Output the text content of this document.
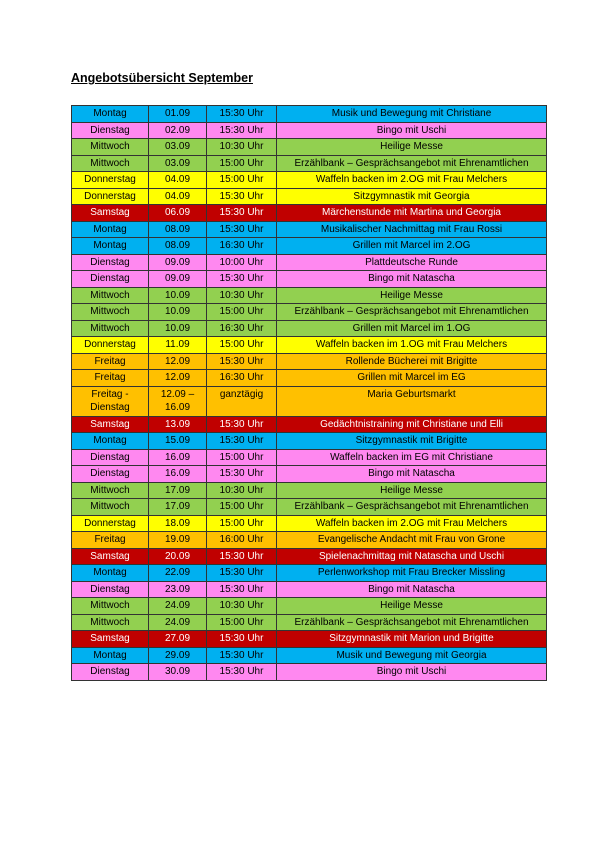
Angebotsübersicht September
Montag	01.09	15:30 Uhr	Musik und Bewegung mit Christiane
Dienstag	02.09	15:30 Uhr	Bingo mit Uschi
Mittwoch	03.09	10:30 Uhr	Heilige Messe
Mittwoch	03.09	15:00 Uhr	Erzählbank – Gesprächsangebot mit Ehrenamtlichen
Donnerstag	04.09	15:00 Uhr	Waffeln backen im 2.OG mit Frau Melchers
Donnerstag	04.09	15:30 Uhr	Sitzgymnastik mit Georgia
Samstag	06.09	15:30 Uhr	Märchenstunde mit Martina und Georgia
Montag	08.09	15:30 Uhr	Musikalischer Nachmittag mit Frau Rossi
Montag	08.09	16:30 Uhr	Grillen mit Marcel im 2.OG
Dienstag	09.09	10:00 Uhr	Plattdeutsche Runde
Dienstag	09.09	15:30 Uhr	Bingo mit Natascha
Mittwoch	10.09	10:30 Uhr	Heilige Messe
Mittwoch	10.09	15:00 Uhr	Erzählbank – Gesprächsangebot mit Ehrenamtlichen
Mittwoch	10.09	16:30 Uhr	Grillen mit Marcel im 1.OG
Donnerstag	11.09	15:00 Uhr	Waffeln backen im 1.OG mit Frau Melchers
Freitag	12.09	15:30 Uhr	Rollende Bücherei mit Brigitte
Freitag	12.09	16:30 Uhr	Grillen mit Marcel im EG
Freitag - Dienstag	12.09 – 16.09	ganztägig	Maria Geburtsmarkt
Samstag	13.09	15:30 Uhr	Gedächtnistraining mit Christiane und Elli
Montag	15.09	15:30 Uhr	Sitzgymnastik mit Brigitte
Dienstag	16.09	15:00 Uhr	Waffeln backen im EG mit Christiane
Dienstag	16.09	15:30 Uhr	Bingo mit Natascha
Mittwoch	17.09	10:30 Uhr	Heilige Messe
Mittwoch	17.09	15:00 Uhr	Erzählbank – Gesprächsangebot mit Ehrenamtlichen
Donnerstag	18.09	15:00 Uhr	Waffeln backen im 2.OG mit Frau Melchers
Freitag	19.09	16:00 Uhr	Evangelische Andacht mit Frau von Grone
Samstag	20.09	15:30 Uhr	Spielenachmittag mit Natascha und Uschi
Montag	22.09	15:30 Uhr	Perlenworkshop mit Frau Brecker Missling
Dienstag	23.09	15:30 Uhr	Bingo mit Natascha
Mittwoch	24.09	10:30 Uhr	Heilige Messe
Mittwoch	24.09	15:00 Uhr	Erzählbank – Gesprächsangebot mit Ehrenamtlichen
Samstag	27.09	15:30 Uhr	Sitzgymnastik mit Marion und Brigitte
Montag	29.09	15:30 Uhr	Musik und Bewegung mit Georgia
Dienstag	30.09	15:30 Uhr	Bingo mit Uschi
